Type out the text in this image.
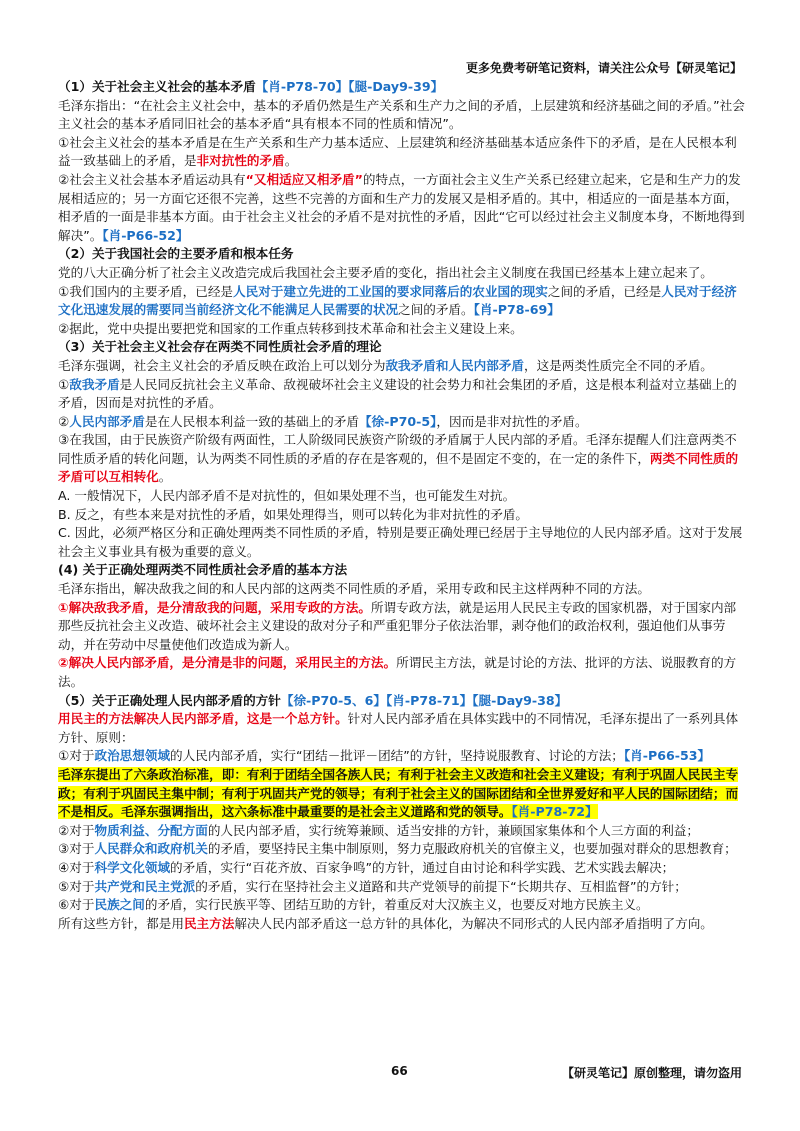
更多免费考研笔记资料，请关注公众号【研灵笔记】

（1）关于社会主义社会的基本矛盾【肖-P78-70】【腿-Day9-39】

毛泽东指出：“在社会主义社会中，基本的矛盾仍然是生产关系和生产力之间的矛盾，上层建筑和经济基础之间的矛盾。”社会主义社会的基本矛盾同旧社会的基本矛盾“具有根本不同的性质和情况”。

①社会主义社会的基本矛盾是在生产关系和生产力基本适应、上层建筑和经济基础基本适应条件下的矛盾，是在人民根本利益一致基础上的矛盾，是非对抗性的矛盾。

②社会主义社会基本矛盾运动具有“又相适应又相矛盾”的特点，一方面社会主义生产关系已经建立起来，它是和生产力的发展相适应的；另一方面它还很不完善，这些不完善的方面和生产力的发展又是相矛盾的。其中，相适应的一面是基本方面，相矛盾的一面是非基本方面。由于社会主义社会的矛盾不是对抗性的矛盾，因此“它可以经过社会主义制度本身，不断地得到解决”。【肖-P66-52】

（2）关于我国社会的主要矛盾和根本任务

党的八大正确分析了社会主义改造完成后我国社会主要矛盾的变化，指出社会主义制度在我国已经基本上建立起来了。

①我们国内的主要矛盾，已经是人民对于建立先进的工业国的要求同落后的农业国的现实之间的矛盾，已经是人民对于经济文化迅速发展的需要同当前经济文化不能满足人民需要的状况之间的矛盾。【肖-P78-69】

②据此，党中央提出要把党和国家的工作重点转移到技术革命和社会主义建设上来。

（3）关于社会主义社会存在两类不同性质社会矛盾的理论

毛泽东强调，社会主义社会的矛盾反映在政治上可以划分为敌我矛盾和人民内部矛盾，这是两类性质完全不同的矛盾。

①敌我矛盾是人民同反抗社会主义革命、敌视破坏社会主义建设的社会势力和社会集团的矛盾，这是根本利益对立基础上的矛盾，因而是对抗性的矛盾。

②人民内部矛盾是在人民根本利益一致的基础上的矛盾【徐-P70-5】，因而是非对抗性的矛盾。

③在我国，由于民族资产阶级有两面性，工人阶级同民族资产阶级的矛盾属于人民内部的矛盾。毛泽东提醒人们注意两类不同性质矛盾的转化问题，认为两类不同性质的矛盾的存在是客观的，但不是固定不变的，在一定的条件下，两类不同性质的矛盾可以互相转化。

A. 一般情况下，人民内部矛盾不是对抗性的，但如果处理不当，也可能发生对抗。

B. 反之，有些本来是对抗性的矛盾，如果处理得当，则可以转化为非对抗性的矛盾。

C. 因此，必须严格区分和正确处理两类不同性质的矛盾，特别是要正确处理已经居于主导地位的人民内部矛盾。这对于发展社会主义事业具有极为重要的意义。

(4) 关于正确处理两类不同性质社会矛盾的基本方法

毛泽东指出，解决敌我之间的和人民内部的这两类不同性质的矛盾，采用专政和民主这样两种不同的方法。

①解决敌我矛盾，是分清敌我的问题，采用专政的方法。所谓专政方法，就是运用人民民主专政的国家机器，对于国家内部那些反抗社会主义改造、破坏社会主义建设的敌对分子和严重犯罪分子依法治罪，剥夺他们的政治权利，强迫他们从事劳动，并在劳动中尽量使他们改造成为新人。

②解决人民内部矛盾，是分清是非的问题，采用民主的方法。所谓民主方法，就是讨论的方法、批评的方法、说服教育的方法。

（5）关于正确处理人民内部矛盾的方针【徐-P70-5、6】【肖-P78-71】【腿-Day9-38】

用民主的方法解决人民内部矛盾，这是一个总方针。针对人民内部矛盾在具体实践中的不同情况，毛泽东提出了一系列具体方针、原则：

①对于政治思想领域的人民内部矛盾，实行“团结－批评－团结”的方针，坚持说服教育、讨论的方法；【肖-P66-53】

毛泽东提出了六条政治标准，即：有利于团结全国各族人民；有利于社会主义改造和社会主义建设；有利于巩固人民民主专政；有利于巩固民主集中制；有利于巩固共产党的领导；有利于社会主义的国际团结和全世界爱好和平人民的国际团结；而不是相反。毛泽东强调指出，这六条标准中最重要的是社会主义道路和党的领导。【肖-P78-72】

②对于物质利益、分配方面的人民内部矛盾，实行统筹兼顾、适当安排的方针，兼顾国家集体和个人三方面的利益；

③对于人民群众和政府机关的矛盾，要坚持民主集中制原则，努力克服政府机关的官僚主义，也要加强对群众的思想教育；

④对于科学文化领域的矛盾，实行“百花齐放、百家争鸣”的方针，通过自由讨论和科学实践、艺术实践去解决；

⑤对于共产党和民主党派的矛盾，实行在坚持社会主义道路和共产党领导的前提下“长期共存、互相监督”的方针；

⑥对于民族之间的矛盾，实行民族平等、团结互助的方针，着重反对大汉族主义，也要反对地方民族主义。

所有这些方针，都是用民主方法解决人民内部矛盾这一总方针的具体化，为解决不同形式的人民内部矛盾指明了方向。

66	【研灵笔记】原创整理，请勿盗用
